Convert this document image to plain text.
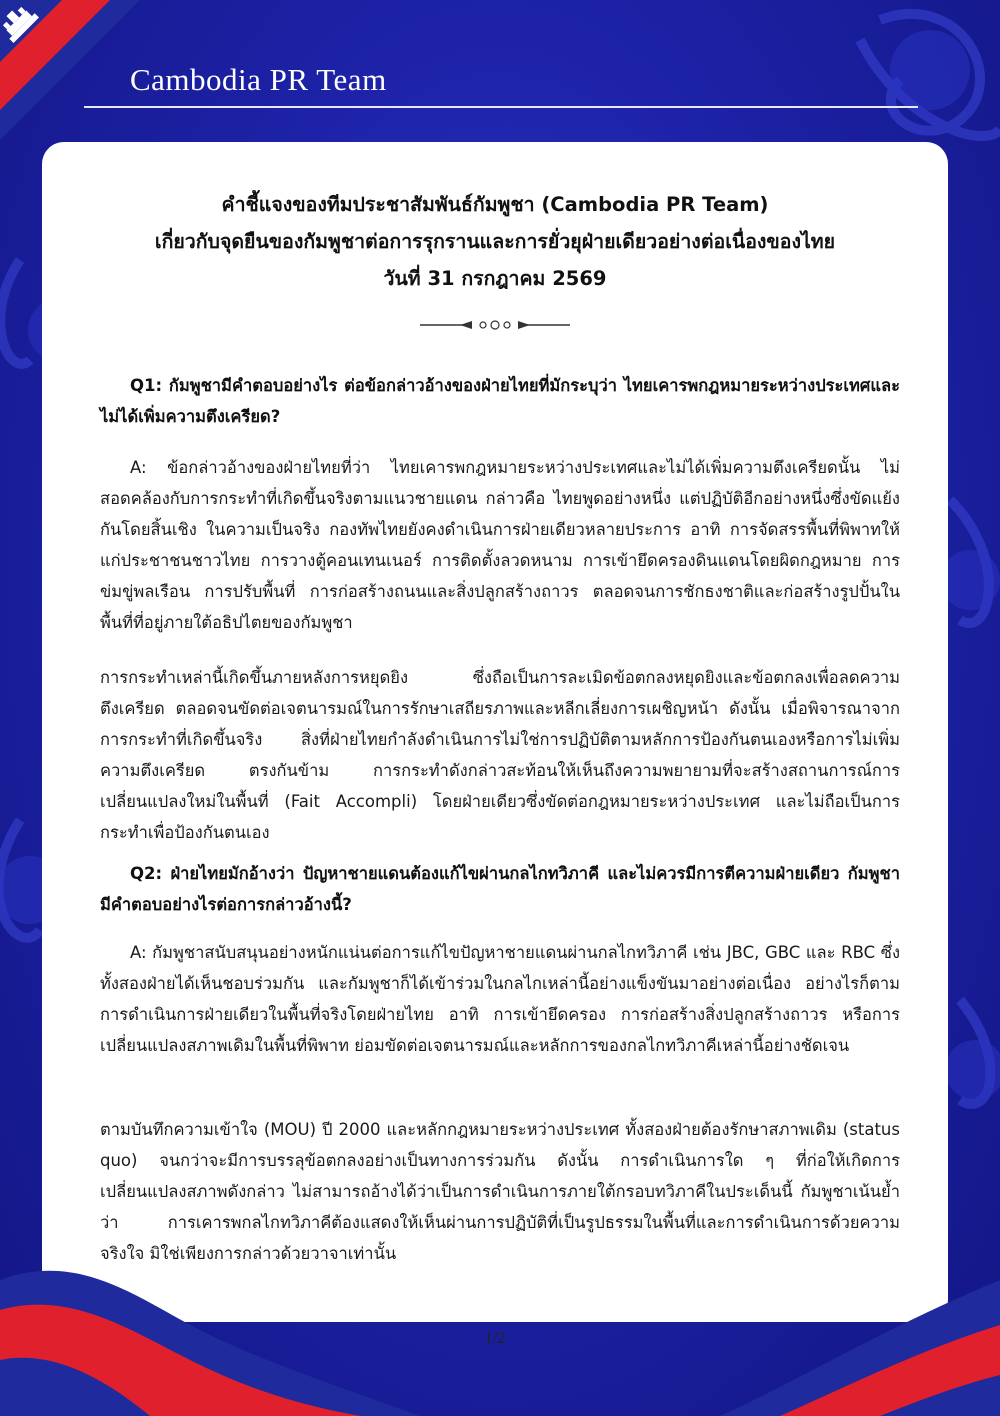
Cambodia PR Team
คำชี้แจงของทีมประชาสัมพันธ์กัมพูชา (Cambodia PR Team)
เกี่ยวกับจุดยืนของกัมพูชาต่อการรุกรานและการยั่วยุฝ่ายเดียวอย่างต่อเนื่องของไทย
วันที่ 31 กรกฎาคม 2569

Q1: กัมพูชามีคำตอบอย่างไร ต่อข้อกล่าวอ้างของฝ่ายไทยที่มักระบุว่า ไทยเคารพกฎหมายระหว่างประเทศและไม่ได้เพิ่มความตึงเครียด?

A: ข้อกล่าวอ้างของฝ่ายไทยที่ว่า ไทยเคารพกฎหมายระหว่างประเทศและไม่ได้เพิ่มความตึงเครียดนั้น ไม่สอดคล้องกับการกระทำที่เกิดขึ้นจริงตามแนวชายแดน กล่าวคือ ไทยพูดอย่างหนึ่ง แต่ปฏิบัติอีกอย่างหนึ่งซึ่งขัดแย้งกันโดยสิ้นเชิง ในความเป็นจริง กองทัพไทยยังคงดำเนินการฝ่ายเดียวหลายประการ อาทิ การจัดสรรพื้นที่พิพาทให้แก่ประชาชนชาวไทย การวางตู้คอนเทนเนอร์ การติดตั้งลวดหนาม การเข้ายึดครองดินแดนโดยผิดกฎหมาย การข่มขู่พลเรือน การปรับพื้นที่ การก่อสร้างถนนและสิ่งปลูกสร้างถาวร ตลอดจนการชักธงชาติและก่อสร้างรูปปั้นในพื้นที่ที่อยู่ภายใต้อธิปไตยของกัมพูชา

การกระทำเหล่านี้เกิดขึ้นภายหลังการหยุดยิง ซึ่งถือเป็นการละเมิดข้อตกลงหยุดยิงและข้อตกลงเพื่อลดความตึงเครียด ตลอดจนขัดต่อเจตนารมณ์ในการรักษาเสถียรภาพและหลีกเลี่ยงการเผชิญหน้า ดังนั้น เมื่อพิจารณาจากการกระทำที่เกิดขึ้นจริง สิ่งที่ฝ่ายไทยกำลังดำเนินการไม่ใช่การปฏิบัติตามหลักการป้องกันตนเองหรือการไม่เพิ่มความตึงเครียด ตรงกันข้าม การกระทำดังกล่าวสะท้อนให้เห็นถึงความพยายามที่จะสร้างสถานการณ์การเปลี่ยนแปลงใหม่ในพื้นที่ (Fait Accompli) โดยฝ่ายเดียวซึ่งขัดต่อกฎหมายระหว่างประเทศ และไม่ถือเป็นการกระทำเพื่อป้องกันตนเอง

Q2: ฝ่ายไทยมักอ้างว่า ปัญหาชายแดนต้องแก้ไขผ่านกลไกทวิภาคี และไม่ควรมีการตีความฝ่ายเดียว กัมพูชามีคำตอบอย่างไรต่อการกล่าวอ้างนี้?

A: กัมพูชาสนับสนุนอย่างหนักแน่นต่อการแก้ไขปัญหาชายแดนผ่านกลไกทวิภาคี เช่น JBC, GBC และ RBC ซึ่งทั้งสองฝ่ายได้เห็นชอบร่วมกัน และกัมพูชาก็ได้เข้าร่วมในกลไกเหล่านี้อย่างแข็งขันมาอย่างต่อเนื่อง อย่างไรก็ตาม การดำเนินการฝ่ายเดียวในพื้นที่จริงโดยฝ่ายไทย อาทิ การเข้ายึดครอง การก่อสร้างสิ่งปลูกสร้างถาวร หรือการเปลี่ยนแปลงสภาพเดิมในพื้นที่พิพาท ย่อมขัดต่อเจตนารมณ์และหลักการของกลไกทวิภาคีเหล่านี้อย่างชัดเจน

ตามบันทึกความเข้าใจ (MOU) ปี 2000 และหลักกฎหมายระหว่างประเทศ ทั้งสองฝ่ายต้องรักษาสภาพเดิม (status quo) จนกว่าจะมีการบรรลุข้อตกลงอย่างเป็นทางการร่วมกัน ดังนั้น การดำเนินการใด ๆ ที่ก่อให้เกิดการเปลี่ยนแปลงสภาพดังกล่าว ไม่สามารถอ้างได้ว่าเป็นการดำเนินการภายใต้กรอบทวิภาคีในประเด็นนี้ กัมพูชาเน้นย้ำว่า การเคารพกลไกทวิภาคีต้องแสดงให้เห็นผ่านการปฏิบัติที่เป็นรูปธรรมในพื้นที่และการดำเนินการด้วยความจริงใจ มิใช่เพียงการกล่าวด้วยวาจาเท่านั้น

1/2
